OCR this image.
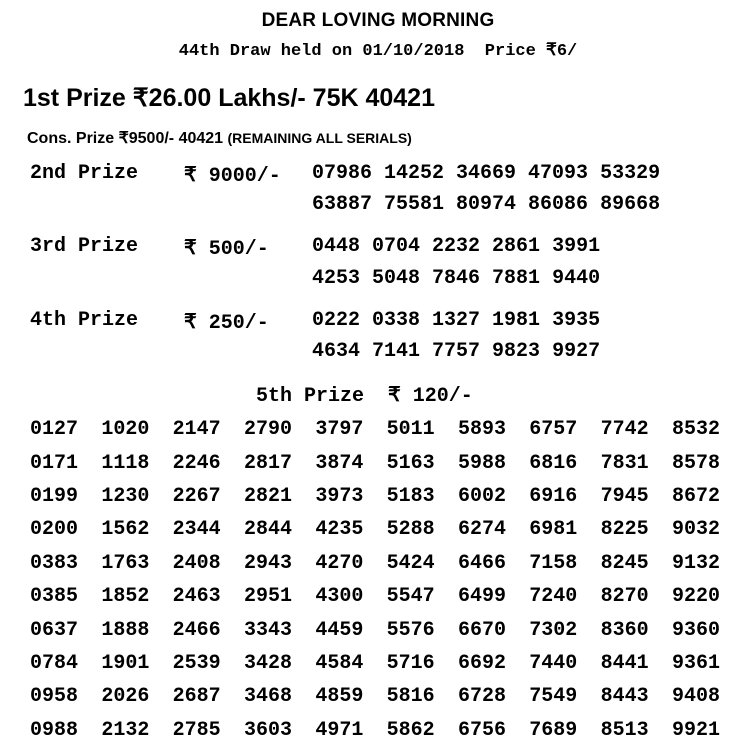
DEAR LOVING MORNING
44th Draw held on 01/10/2018  Price ₹6/
1st Prize ₹26.00 Lakhs/- 75K 40421
Cons. Prize ₹9500/- 40421 (REMAINING ALL SERIALS)
2nd Prize ₹ 9000/- 07986 14252 34669 47093 53329
63887 75581 80974 86086 89668
3rd Prize ₹ 500/- 0448 0704 2232 2861 3991
4253 5048 7846 7881 9440
4th Prize ₹ 250/- 0222 0338 1327 1981 3935
4634 7141 7757 9823 9927
5th Prize  ₹ 120/-
0127	1020	2147	2790	3797	5011	5893	6757	7742	8532
0171	1118	2246	2817	3874	5163	5988	6816	7831	8578
0199	1230	2267	2821	3973	5183	6002	6916	7945	8672
0200	1562	2344	2844	4235	5288	6274	6981	8225	9032
0383	1763	2408	2943	4270	5424	6466	7158	8245	9132
0385	1852	2463	2951	4300	5547	6499	7240	8270	9220
0637	1888	2466	3343	4459	5576	6670	7302	8360	9360
0784	1901	2539	3428	4584	5716	6692	7440	8441	9361
0958	2026	2687	3468	4859	5816	6728	7549	8443	9408
0988	2132	2785	3603	4971	5862	6756	7689	8513	9921
